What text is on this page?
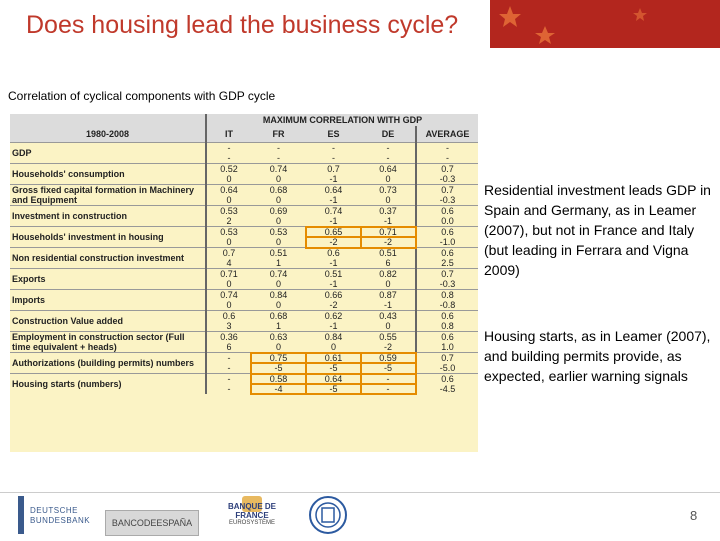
Does housing lead the business cycle?
Correlation of cyclical components with GDP cycle
	MAXIMUM CORRELATION WITH GDP				
1980-2008	IT	FR	ES	DE	AVERAGE
GDP	-	-	-	-	-
	-	-	-	-	-
Households' consumption	0.52	0.74	0.7	0.64	0.7
	0	0	-1	0	-0.3
Gross fixed capital formation in Machinery and Equipment	0.64	0.68	0.64	0.73	0.7
	0	0	-1	0	-0.3
Investment in construction	0.53	0.69	0.74	0.37	0.6
	2	0	-1	-1	0.0
Households' investment in housing	0.53	0.53	0.65	0.71	0.6
	0	0	-2	-2	-1.0
Non residential construction investment	0.7	0.51	0.6	0.51	0.6
	4	1	-1	6	2.5
Exports	0.71	0.74	0.51	0.82	0.7
	0	0	-1	0	-0.3
Imports	0.74	0.84	0.66	0.87	0.8
	0	0	-2	-1	-0.8
Construction Value added	0.6	0.68	0.62	0.43	0.6
	3	1	-1	0	0.8
Employment in construction sector (Full time equivalent + heads)	0.36	0.63	0.84	0.55	0.6
	6	0	0	-2	1.0
Authorizations (building permits) numbers	-	0.75	0.61	0.59	0.7
	-	-5	-5	-5	-5.0
Housing starts (numbers)	-	0.58	0.64	-	0.6
	-	-4	-5	-	-4.5
Residential investment leads GDP in Spain and Germany, as in Leamer (2007), but not in France and Italy (but leading in Ferrara and Vigna 2009)
Housing starts, as in Leamer (2007), and building permits provide, as expected, earlier warning signals
DEUTSCHE BUNDESBANK	BANCODEESPAÑA
BANQUE DE FRANCE
EUROSYSTÈME	8
